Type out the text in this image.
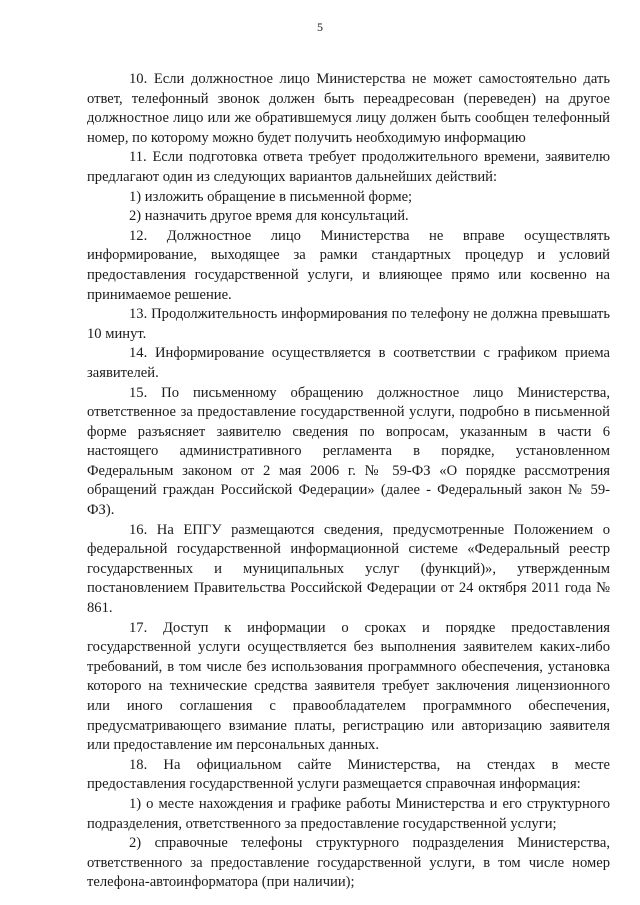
5

10. Если должностное лицо Министерства не может самостоятельно дать ответ, телефонный звонок должен быть переадресован (переведен) на другое должностное лицо или же обратившемуся лицу должен быть сообщен телефонный номер, по которому можно будет получить необходимую информацию

11. Если подготовка ответа требует продолжительного времени, заявителю предлагают один из следующих вариантов дальнейших действий:

1) изложить обращение в письменной форме;

2) назначить другое время для консультаций.

12. Должностное лицо Министерства не вправе осуществлять информирование, выходящее за рамки стандартных процедур и условий предоставления государственной услуги, и влияющее прямо или косвенно на принимаемое решение.

13. Продолжительность информирования по телефону не должна превышать 10 минут.

14. Информирование осуществляется в соответствии с графиком приема заявителей.

15. По письменному обращению должностное лицо Министерства, ответственное за предоставление государственной услуги, подробно в письменной форме разъясняет заявителю сведения по вопросам, указанным в части 6 настоящего административного регламента в порядке, установленном Федеральным законом от 2 мая 2006 г. № 59-ФЗ «О порядке рассмотрения обращений граждан Российской Федерации» (далее - Федеральный закон № 59-ФЗ).

16. На ЕПГУ размещаются сведения, предусмотренные Положением о федеральной государственной информационной системе «Федеральный реестр государственных и муниципальных услуг (функций)», утвержденным постановлением Правительства Российской Федерации от 24 октября 2011 года № 861.

17. Доступ к информации о сроках и порядке предоставления государственной услуги осуществляется без выполнения заявителем каких-либо требований, в том числе без использования программного обеспечения, установка которого на технические средства заявителя требует заключения лицензионного или иного соглашения с правообладателем программного обеспечения, предусматривающего взимание платы, регистрацию или авторизацию заявителя или предоставление им персональных данных.

18. На официальном сайте Министерства, на стендах в месте предоставления государственной услуги размещается справочная информация:

1) о месте нахождения и графике работы Министерства и его структурного подразделения, ответственного за предоставление государственной услуги;

2) справочные телефоны структурного подразделения Министерства, ответственного за предоставление государственной услуги, в том числе номер телефона-автоинформатора (при наличии);
